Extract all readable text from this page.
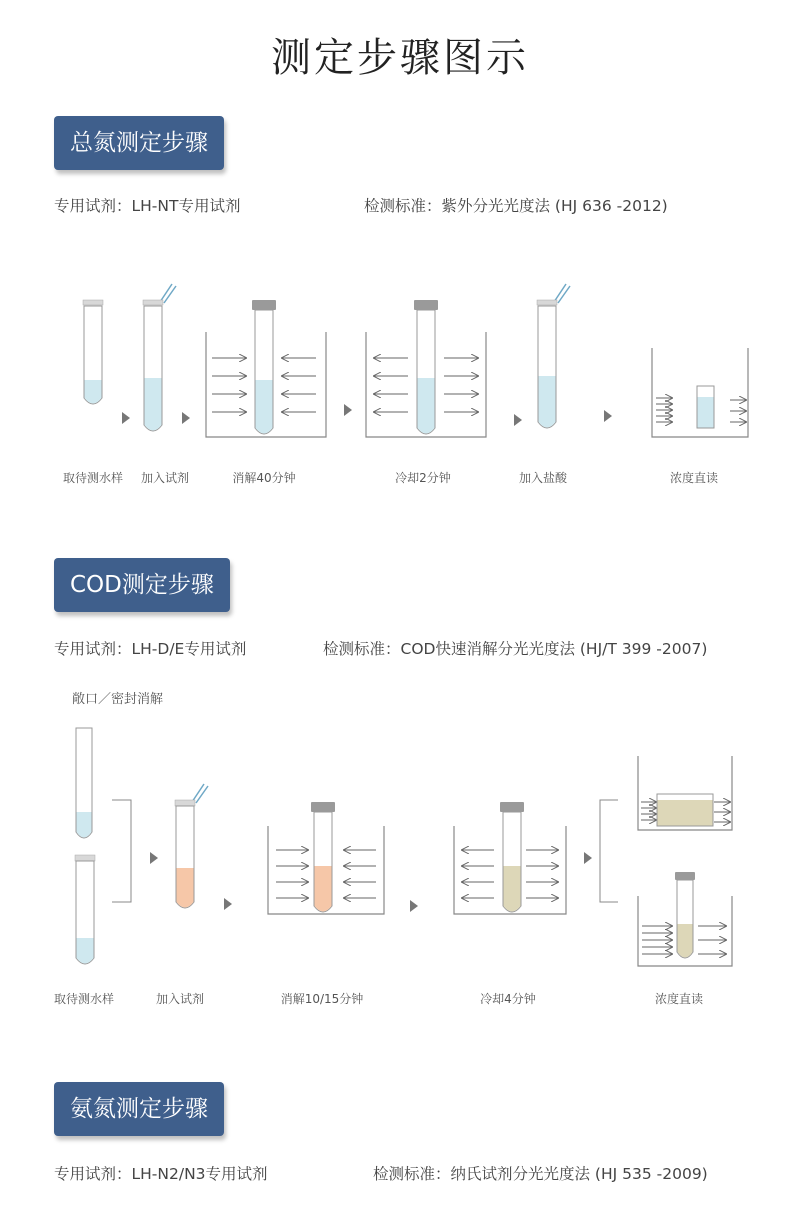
测定步骤图示
总氮测定步骤
专用试剂：LH-NT专用试剂	检测标准：紫外分光光度法 (HJ 636 -2012)
取待测水样	加入试剂	消解40分钟	冷却2分钟	加入盐酸	浓度直读
COD测定步骤
专用试剂：LH-D/E专用试剂	检测标准：COD快速消解分光光度法 (HJ/T 399 -2007)
敞口／密封消解
取待测水样	加入试剂	消解10/15分钟	冷却4分钟	浓度直读
氨氮测定步骤
专用试剂：LH-N2/N3专用试剂	检测标准：纳氏试剂分光光度法 (HJ 535 -2009)
